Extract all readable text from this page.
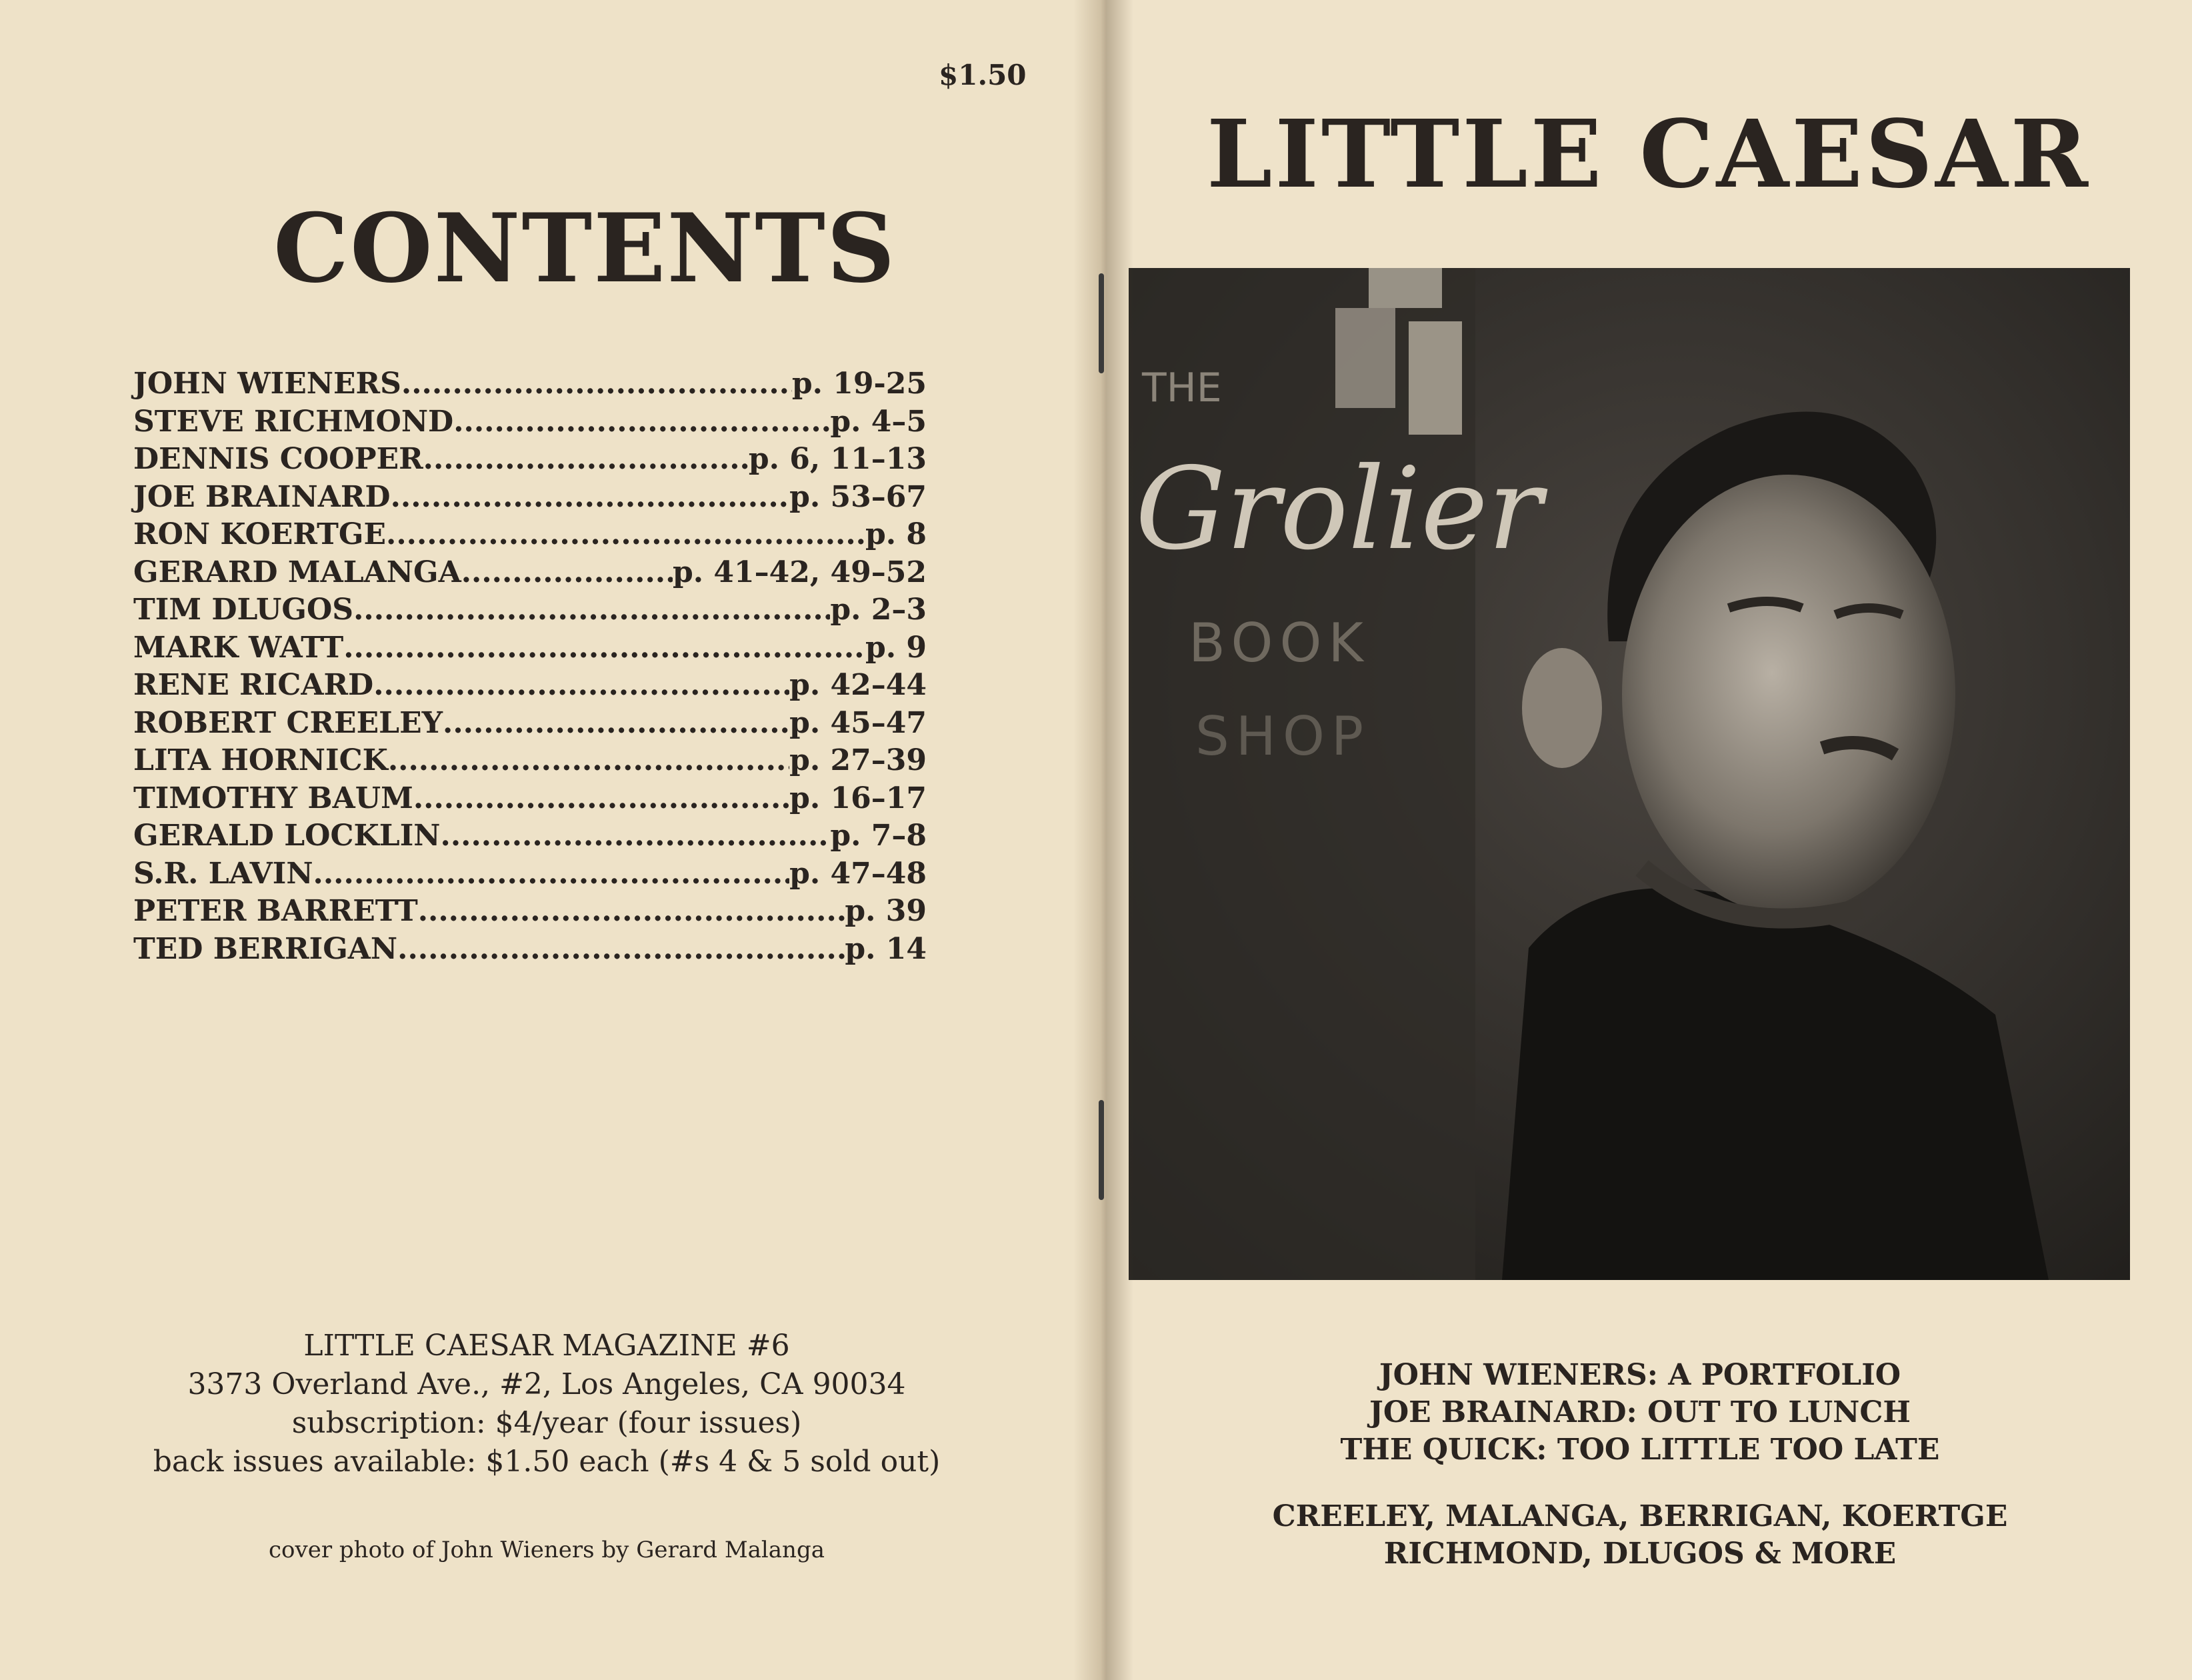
$1.50
CONTENTS
JOHN WIENERS .....	p. 19-25
STEVE RICHMOND .....	p. 4–5
DENNIS COOPER .....	p. 6, 11–13
JOE BRAINARD .....	p. 53–67
RON KOERTGE .....	p. 8
GERARD MALANGA .....	p. 41–42, 49–52
TIM DLUGOS .....	p. 2–3
MARK WATT .....	p. 9
RENE RICARD .....	p. 42–44
ROBERT CREELEY .....	p. 45–47
LITA HORNICK .....	p. 27–39
TIMOTHY BAUM .....	p. 16–17
GERALD LOCKLIN .....	p. 7–8
S.R. LAVIN .....	p. 47–48
PETER BARRETT .....	p. 39
TED BERRIGAN .....	p. 14
LITTLE CAESAR MAGAZINE #6
3373 Overland Ave., #2, Los Angeles, CA 90034
subscription: $4/year (four issues)
back issues available: $1.50 each (#s 4 & 5 sold out)
cover photo of John Wieners by Gerard Malanga
LITTLE CAESAR
THE
Grolier
BOOK
SHOP
JOHN WIENERS: A PORTFOLIO
JOE BRAINARD: OUT TO LUNCH
THE QUICK: TOO LITTLE TOO LATE
CREELEY, MALANGA, BERRIGAN, KOERTGE
RICHMOND, DLUGOS & MORE
